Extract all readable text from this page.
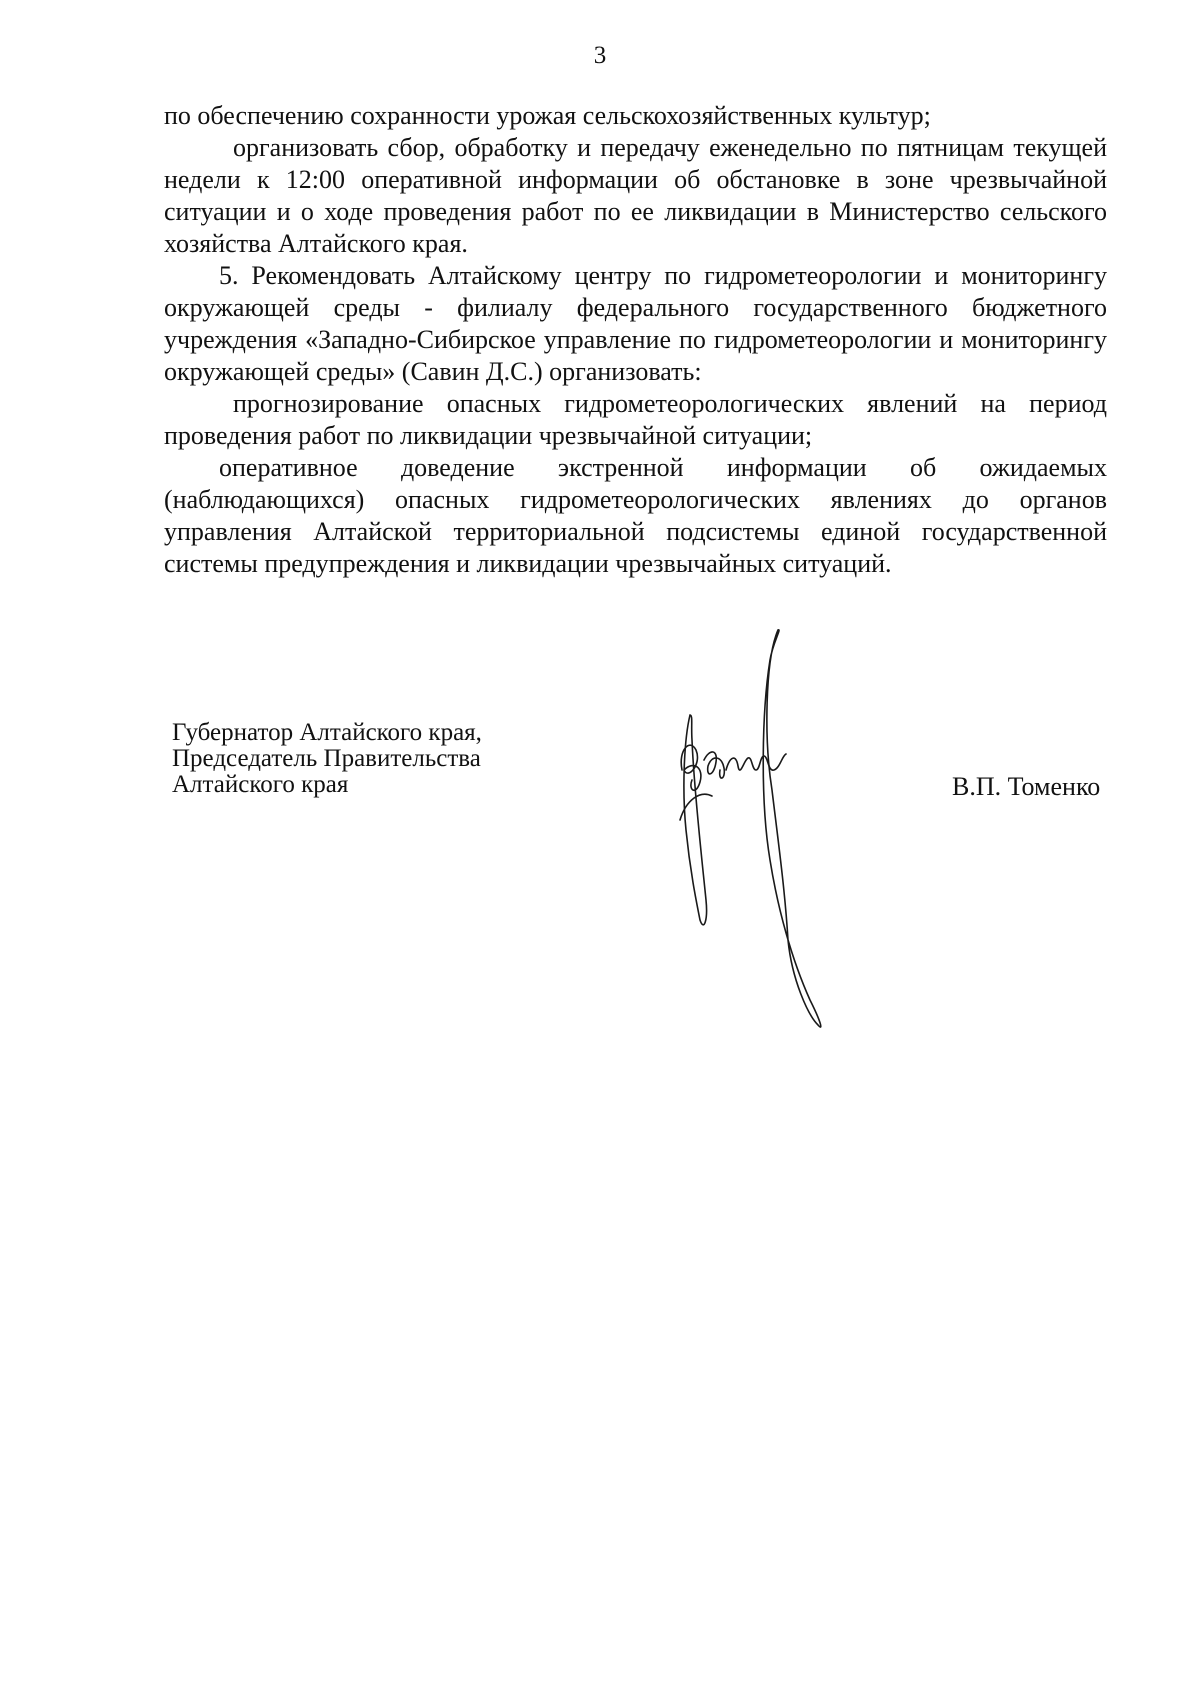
3

по обеспечению сохранности урожая сельскохозяйственных культур;

организовать сбор, обработку и передачу еженедельно по пятницам текущей недели к 12:00 оперативной информации об обстановке в зоне чрезвычайной ситуации и о ходе проведения работ по ее ликвидации в Министерство сельского хозяйства Алтайского края.

5. Рекомендовать Алтайскому центру по гидрометеорологии и мониторингу окружающей среды - филиалу федерального государственного бюджетного учреждения «Западно-Сибирское управление по гидрометеорологии и мониторингу окружающей среды» (Савин Д.С.) организовать:

прогнозирование опасных гидрометеорологических явлений на период проведения работ по ликвидации чрезвычайной ситуации;

оперативное доведение экстренной информации об ожидаемых (наблюдающихся) опасных гидрометеорологических явлениях до органов управления Алтайской территориальной подсистемы единой государственной системы предупреждения и ликвидации чрезвычайных ситуаций.

Губернатор Алтайского края,
Председатель Правительства
Алтайского края	В.П. Томенко
